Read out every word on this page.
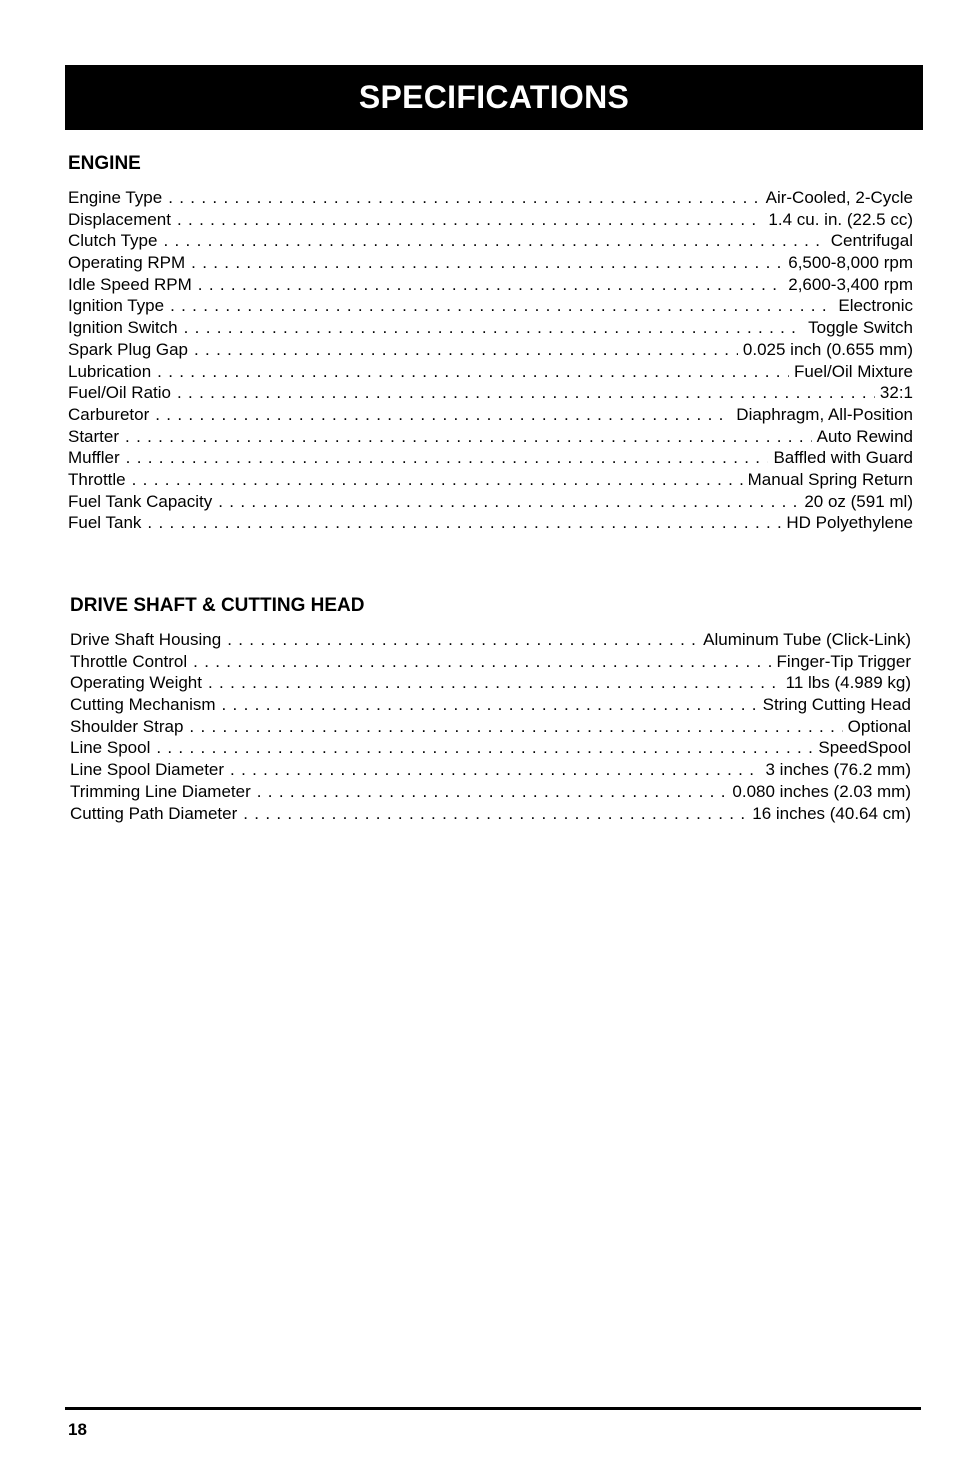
SPECIFICATIONS
ENGINE
Engine Type . . .	Air-Cooled, 2-Cycle
Displacement . . .	1.4 cu. in. (22.5 cc)
Clutch Type . . .	Centrifugal
Operating RPM . . .	6,500-8,000 rpm
Idle Speed RPM . . .	2,600-3,400 rpm
Ignition Type . . .	Electronic
Ignition Switch . . .	Toggle Switch
Spark Plug Gap . . .	0.025 inch (0.655 mm)
Lubrication . . .	Fuel/Oil Mixture
Fuel/Oil Ratio . . .	32:1
Carburetor . . .	Diaphragm, All-Position
Starter . . .	Auto Rewind
Muffler . . .	Baffled with Guard
Throttle . . .	Manual Spring Return
Fuel Tank Capacity . . .	20 oz (591 ml)
Fuel Tank . . .	HD Polyethylene
DRIVE SHAFT & CUTTING HEAD
Drive Shaft Housing . . .	Aluminum Tube (Click-Link)
Throttle Control . . .	Finger-Tip Trigger
Operating Weight . . .	11 lbs (4.989 kg)
Cutting Mechanism . . .	String Cutting Head
Shoulder Strap . . .	Optional
Line Spool . . .	SpeedSpool
Line Spool Diameter . . .	3 inches (76.2 mm)
Trimming Line Diameter . . .	0.080 inches (2.03 mm)
Cutting Path Diameter . . .	16 inches (40.64 cm)
18
